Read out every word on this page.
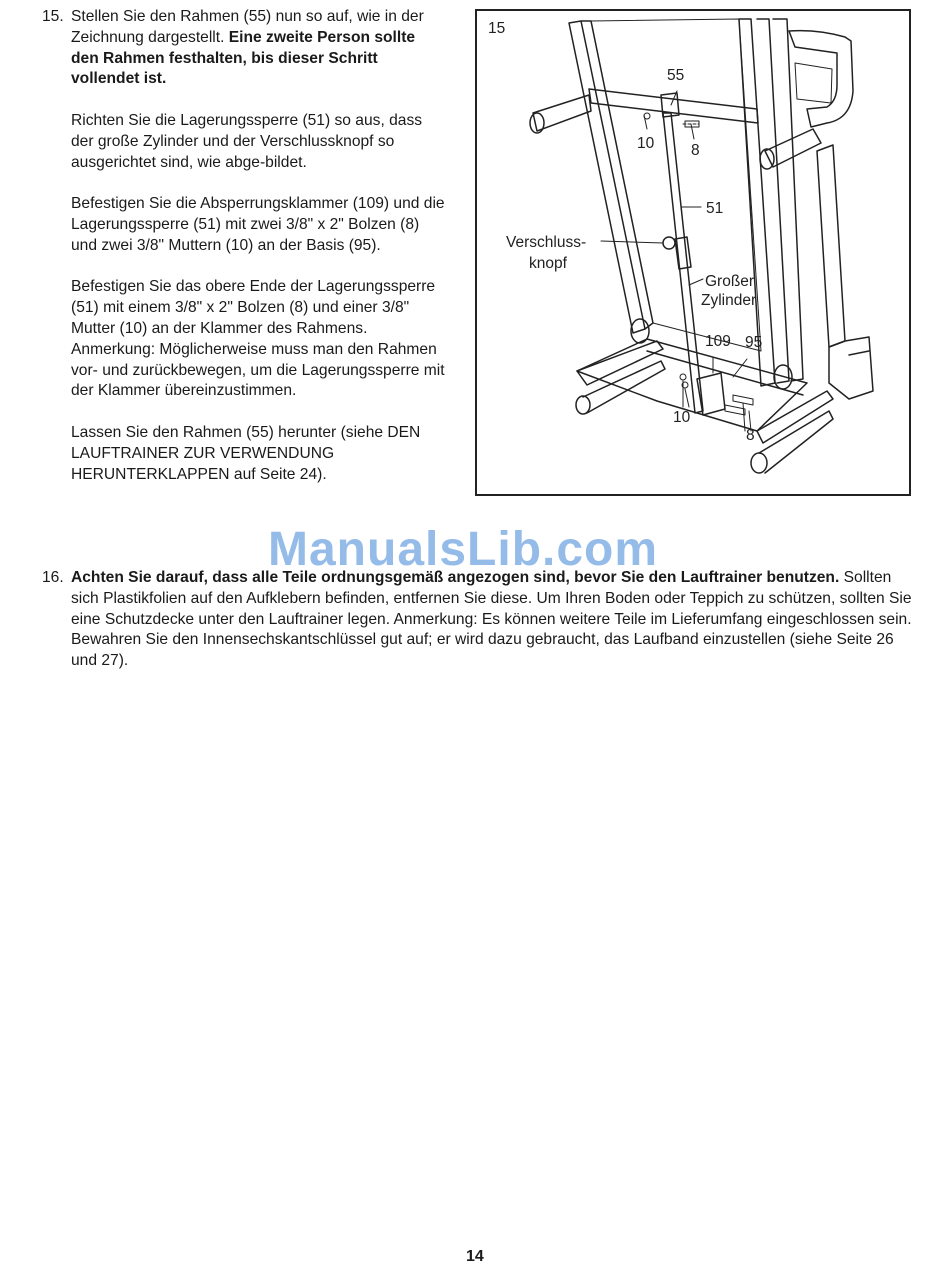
15. Stellen Sie den Rahmen (55) nun so auf, wie in der Zeichnung dargestellt. Eine zweite Person sollte den Rahmen festhalten, bis dieser Schritt vollendet ist.

Richten Sie die Lagerungssperre (51) so aus, dass der große Zylinder und der Verschlussknopf so ausgerichtet sind, wie abge-bildet.

Befestigen Sie die Absperrungsklammer (109) und die Lagerungssperre (51) mit zwei 3/8" x 2" Bolzen (8) und zwei 3/8" Muttern (10) an der Basis (95).

Befestigen Sie das obere Ende der Lagerungssperre (51) mit einem 3/8" x 2" Bolzen (8) und einer 3/8" Mutter (10) an der Klammer des Rahmens. Anmerkung: Möglicherweise muss man den Rahmen vor- und zurückbewegen, um die Lagerungssperre mit der Klammer übereinzustimmen.

Lassen Sie den Rahmen (55) herunter (siehe DEN LAUFTRAINER ZUR VERWENDUNG HERUNTERKLAPPEN auf Seite 24).

15
55
10 8
51
Verschluss-
knopf
Großer
Zylinder
109 95
10
8
16. Achten Sie darauf, dass alle Teile ordnungsgemäß angezogen sind, bevor Sie den Lauftrainer benutzen. Sollten sich Plastikfolien auf den Aufklebern befinden, entfernen Sie diese. Um Ihren Boden oder Teppich zu schützen, sollten Sie eine Schutzdecke unter den Lauftrainer legen. Anmerkung: Es können weitere Teile im Lieferumfang eingeschlossen sein. Bewahren Sie den Innensechskantschlüssel gut auf; er wird dazu gebraucht, das Laufband einzustellen (siehe Seite 26 und 27).

ManualsLib.com
14
